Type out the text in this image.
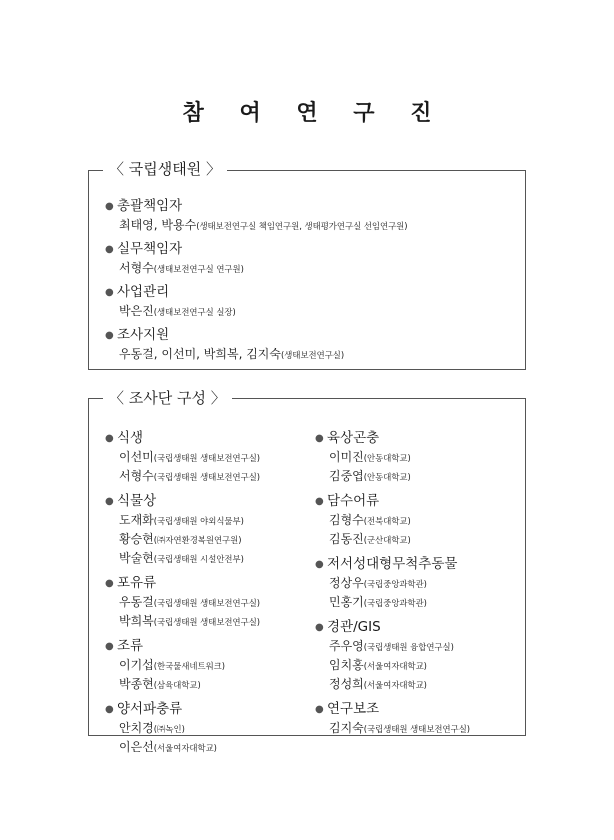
참 여 연 구 진
〈 국립생태원 〉
● 총괄책임자
최태영, 박용수(생태보전연구실 책임연구원, 생태평가연구실 선임연구원)
● 실무책임자
서형수(생태보전연구실 연구원)
● 사업관리
박은진(생태보전연구실 실장)
● 조사지원
우동걸, 이선미, 박희복, 김지숙(생태보전연구실)
〈 조사단 구성 〉
● 식생
이선미(국립생태원 생태보전연구실)
서형수(국립생태원 생태보전연구실)
● 식물상
도재화(국립생태원 야외식물부)
황승현(㈜자연환경복원연구원)
박술현(국립생태원 시설안전부)
● 포유류
우동걸(국립생태원 생태보전연구실)
박희복(국립생태원 생태보전연구실)
● 조류
이기섭(한국물새네트워크)
박종현(삼육대학교)
● 양서파충류
안치경(㈜녹인)
이은선(서울여자대학교)
● 육상곤충
이미진(안동대학교)
김중엽(안동대학교)
● 담수어류
김형수(전북대학교)
김동진(군산대학교)
● 저서성대형무척추동물
정상우(국립중앙과학관)
민홍기(국립중앙과학관)
● 경관/GIS
주우영(국립생태원 융합연구실)
임치홍(서울여자대학교)
정성희(서울여자대학교)
● 연구보조
김지숙(국립생태원 생태보전연구실)
